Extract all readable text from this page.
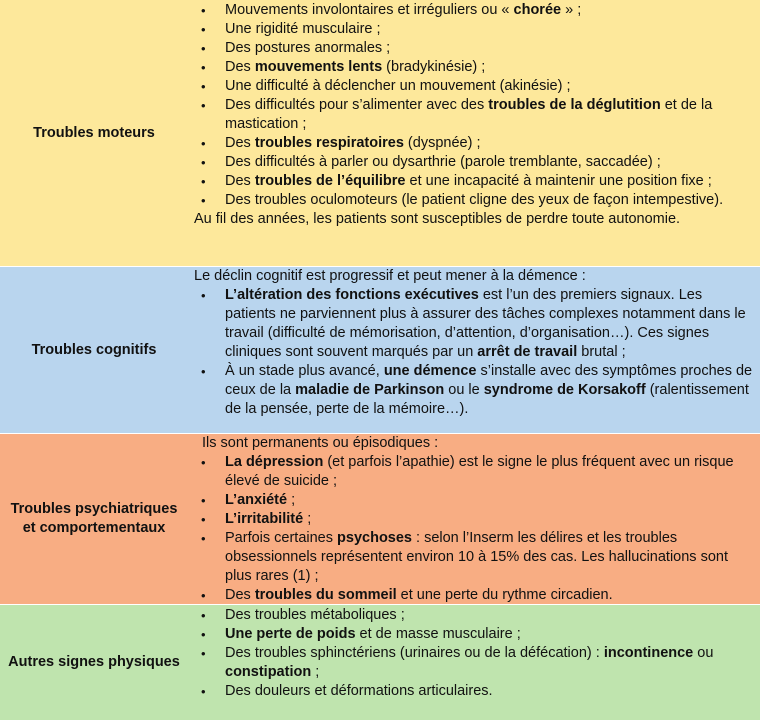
Troubles moteurs
• Mouvements involontaires et irréguliers ou « chorée » ;
• Une rigidité musculaire ;
• Des postures anormales ;
• Des mouvements lents (bradykinésie) ;
• Une difficulté à déclencher un mouvement (akinésie) ;
• Des difficultés pour s’alimenter avec des troubles de la déglutition et de la mastication ;
• Des troubles respiratoires (dyspnée) ;
• Des difficultés à parler ou dysarthrie (parole tremblante, saccadée) ;
• Des troubles de l’équilibre et une incapacité à maintenir une position fixe ;
• Des troubles oculomoteurs (le patient cligne des yeux de façon intempestive).
Au fil des années, les patients sont susceptibles de perdre toute autonomie.
Troubles cognitifs
Le déclin cognitif est progressif et peut mener à la démence :
• L’altération des fonctions exécutives est l’un des premiers signaux. Les patients ne parviennent plus à assurer des tâches complexes notamment dans le travail (difficulté de mémorisation, d’attention, d’organisation…). Ces signes cliniques sont souvent marqués par un arrêt de travail brutal ;
• À un stade plus avancé, une démence s’installe avec des symptômes proches de ceux de la maladie de Parkinson ou le syndrome de Korsakoff (ralentissement de la pensée, perte de la mémoire…).
Troubles psychiatriques et comportementaux
Ils sont permanents ou épisodiques :
• La dépression (et parfois l’apathie) est le signe le plus fréquent avec un risque élevé de suicide ;
• L’anxiété ;
• L’irritabilité ;
• Parfois certaines psychoses : selon l’Inserm les délires et les troubles obsessionnels représentent environ 10 à 15% des cas. Les hallucinations sont plus rares (1) ;
• Des troubles du sommeil et une perte du rythme circadien.
Autres signes physiques
• Des troubles métaboliques ;
• Une perte de poids et de masse musculaire ;
• Des troubles sphinctériens (urinaires ou de la défécation) : incontinence ou constipation ;
• Des douleurs et déformations articulaires.
